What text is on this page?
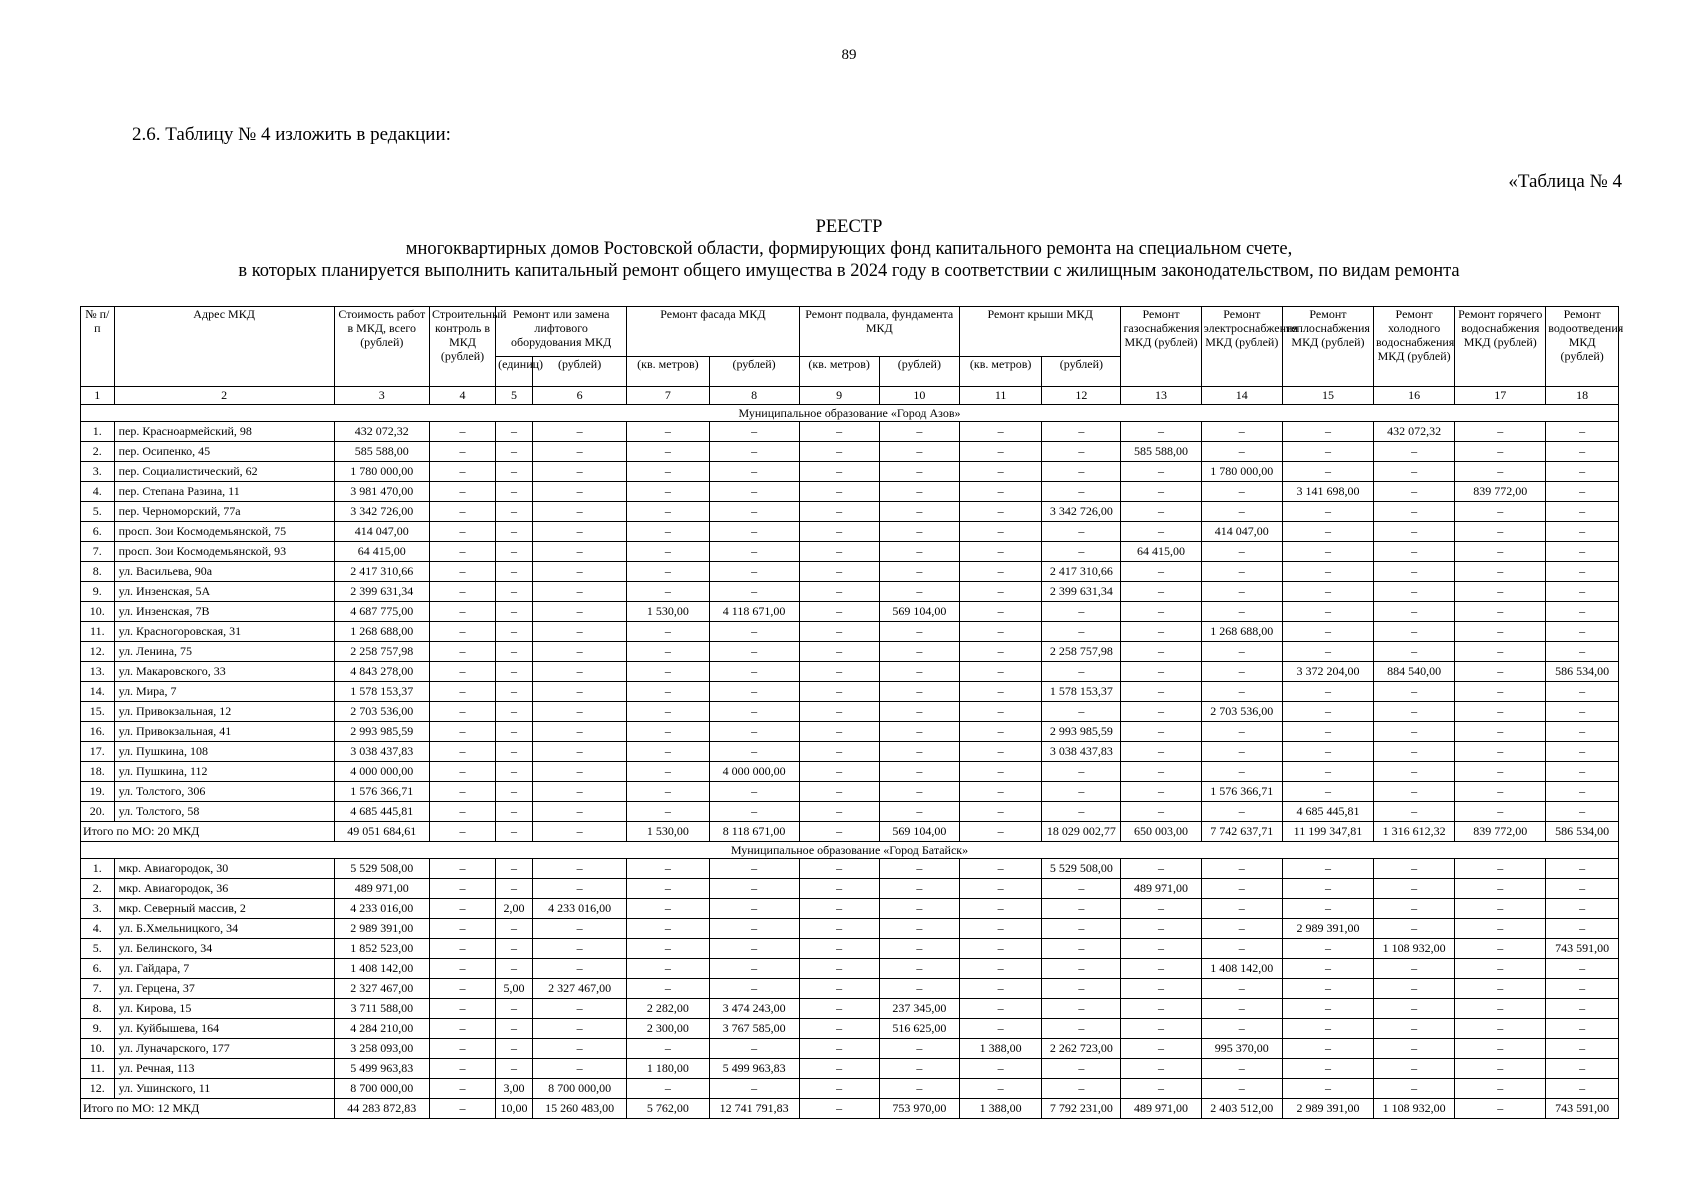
89
2.6. Таблицу № 4 изложить в редакции:
«Таблица № 4
РЕЕСТР
многоквартирных домов Ростовской области, формирующих фонд капитального ремонта на специальном счете,
в которых планируется выполнить капитальный ремонт общего имущества в 2024 году в соответствии с жилищным законодательством, по видам ремонта
№ п/п	Адрес МКД	Стоимость работ в МКД, всего (рублей)	Строительный контроль в МКД (рублей)	Ремонт или замена лифтового оборудования МКД		Ремонт фасада МКД		Ремонт подвала, фундамента МКД		Ремонт крыши МКД		Ремонт газоснабжения МКД (рублей)	Ремонт электроснабжения МКД (рублей)	Ремонт теплоснабжения МКД (рублей)	Ремонт холодного водоснабжения МКД (рублей)	Ремонт горячего водоснабжения МКД (рублей)	Ремонт водоотведения МКД (рублей)
				(единиц)	(рублей)	(кв. метров)	(рублей)	(кв. метров)	(рублей)	(кв. метров)	(рублей)						
1	2	3	4	5	6	7	8	9	10	11	12	13	14	15	16	17	18
Муниципальное образование «Город Азов»																	
1.	пер. Красноармейский, 98	432 072,32	–	–	–	–	–	–	–	–	–	–	–	–	432 072,32	–	–
2.	пер. Осипенко, 45	585 588,00	–	–	–	–	–	–	–	–	–	585 588,00	–	–	–	–	–
3.	пер. Социалистический, 62	1 780 000,00	–	–	–	–	–	–	–	–	–	–	1 780 000,00	–	–	–	–
4.	пер. Степана Разина, 11	3 981 470,00	–	–	–	–	–	–	–	–	–	–	–	3 141 698,00	–	839 772,00	–
5.	пер. Черноморский, 77а	3 342 726,00	–	–	–	–	–	–	–	–	3 342 726,00	–	–	–	–	–	–
6.	просп. Зои Космодемьянской, 75	414 047,00	–	–	–	–	–	–	–	–	–	–	414 047,00	–	–	–	–
7.	просп. Зои Космодемьянской, 93	64 415,00	–	–	–	–	–	–	–	–	–	64 415,00	–	–	–	–	–
8.	ул. Васильева, 90а	2 417 310,66	–	–	–	–	–	–	–	–	2 417 310,66	–	–	–	–	–	–
9.	ул. Инзенская, 5А	2 399 631,34	–	–	–	–	–	–	–	–	2 399 631,34	–	–	–	–	–	–
10.	ул. Инзенская, 7В	4 687 775,00	–	–	–	1 530,00	4 118 671,00	–	569 104,00	–	–	–	–	–	–	–	–
11.	ул. Красногоровская, 31	1 268 688,00	–	–	–	–	–	–	–	–	–	–	1 268 688,00	–	–	–	–
12.	ул. Ленина, 75	2 258 757,98	–	–	–	–	–	–	–	–	2 258 757,98	–	–	–	–	–	–
13.	ул. Макаровского, 33	4 843 278,00	–	–	–	–	–	–	–	–	–	–	–	3 372 204,00	884 540,00	–	586 534,00
14.	ул. Мира, 7	1 578 153,37	–	–	–	–	–	–	–	–	1 578 153,37	–	–	–	–	–	–
15.	ул. Привокзальная, 12	2 703 536,00	–	–	–	–	–	–	–	–	–	–	2 703 536,00	–	–	–	–
16.	ул. Привокзальная, 41	2 993 985,59	–	–	–	–	–	–	–	–	2 993 985,59	–	–	–	–	–	–
17.	ул. Пушкина, 108	3 038 437,83	–	–	–	–	–	–	–	–	3 038 437,83	–	–	–	–	–	–
18.	ул. Пушкина, 112	4 000 000,00	–	–	–	–	4 000 000,00	–	–	–	–	–	–	–	–	–	–
19.	ул. Толстого, 306	1 576 366,71	–	–	–	–	–	–	–	–	–	–	1 576 366,71	–	–	–	–
20.	ул. Толстого, 58	4 685 445,81	–	–	–	–	–	–	–	–	–	–	–	4 685 445,81	–	–	–
Итого по МО: 20 МКД		49 051 684,61	–	–	–	1 530,00	8 118 671,00	–	569 104,00	–	18 029 002,77	650 003,00	7 742 637,71	11 199 347,81	1 316 612,32	839 772,00	586 534,00
Муниципальное образование «Город Батайск»																	
1.	мкр. Авиагородок, 30	5 529 508,00	–	–	–	–	–	–	–	–	5 529 508,00	–	–	–	–	–	–
2.	мкр. Авиагородок, 36	489 971,00	–	–	–	–	–	–	–	–	–	489 971,00	–	–	–	–	–
3.	мкр. Северный массив, 2	4 233 016,00	–	2,00	4 233 016,00	–	–	–	–	–	–	–	–	–	–	–	–
4.	ул. Б.Хмельницкого, 34	2 989 391,00	–	–	–	–	–	–	–	–	–	–	–	2 989 391,00	–	–	–
5.	ул. Белинского, 34	1 852 523,00	–	–	–	–	–	–	–	–	–	–	–	–	1 108 932,00	–	743 591,00
6.	ул. Гайдара, 7	1 408 142,00	–	–	–	–	–	–	–	–	–	–	1 408 142,00	–	–	–	–
7.	ул. Герцена, 37	2 327 467,00	–	5,00	2 327 467,00	–	–	–	–	–	–	–	–	–	–	–	–
8.	ул. Кирова, 15	3 711 588,00	–	–	–	2 282,00	3 474 243,00	–	237 345,00	–	–	–	–	–	–	–	–
9.	ул. Куйбышева, 164	4 284 210,00	–	–	–	2 300,00	3 767 585,00	–	516 625,00	–	–	–	–	–	–	–	–
10.	ул. Луначарского, 177	3 258 093,00	–	–	–	–	–	–	–	1 388,00	2 262 723,00	–	995 370,00	–	–	–	–
11.	ул. Речная, 113	5 499 963,83	–	–	–	1 180,00	5 499 963,83	–	–	–	–	–	–	–	–	–	–
12.	ул. Ушинского, 11	8 700 000,00	–	3,00	8 700 000,00	–	–	–	–	–	–	–	–	–	–	–	–
Итого по МО: 12 МКД		44 283 872,83	–	10,00	15 260 483,00	5 762,00	12 741 791,83	–	753 970,00	1 388,00	7 792 231,00	489 971,00	2 403 512,00	2 989 391,00	1 108 932,00	–	743 591,00
